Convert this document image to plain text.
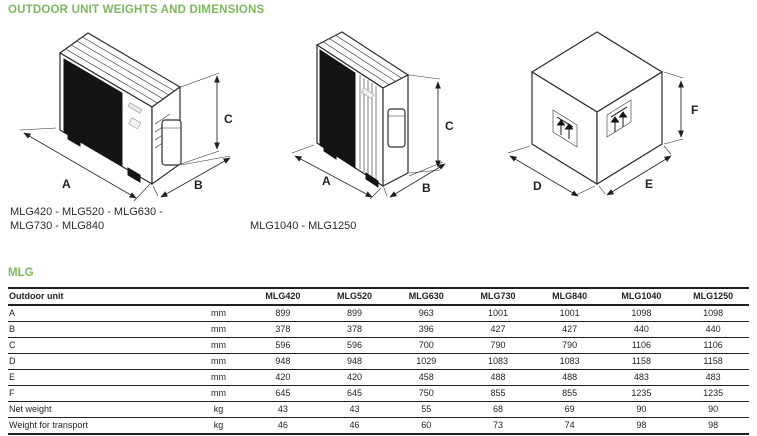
OUTDOOR UNIT WEIGHTS AND DIMENSIONS
A	B
C
A	B
C
D	E
F
MLG420 - MLG520 - MLG630 -
MLG730 - MLG840	MLG1040 - MLG1250
MLG
Outdoor unit		MLG420	MLG520	MLG630	MLG730	MLG840	MLG1040	MLG1250
A	mm	899	899	963	1001	1001	1098	1098
B	mm	378	378	396	427	427	440	440
C	mm	596	596	700	790	790	1106	1106
D	mm	948	948	1029	1083	1083	1158	1158
E	mm	420	420	458	488	488	483	483
F	mm	645	645	750	855	855	1235	1235
Net weight	kg	43	43	55	68	69	90	90
Weight for transport	kg	46	46	60	73	74	98	98
